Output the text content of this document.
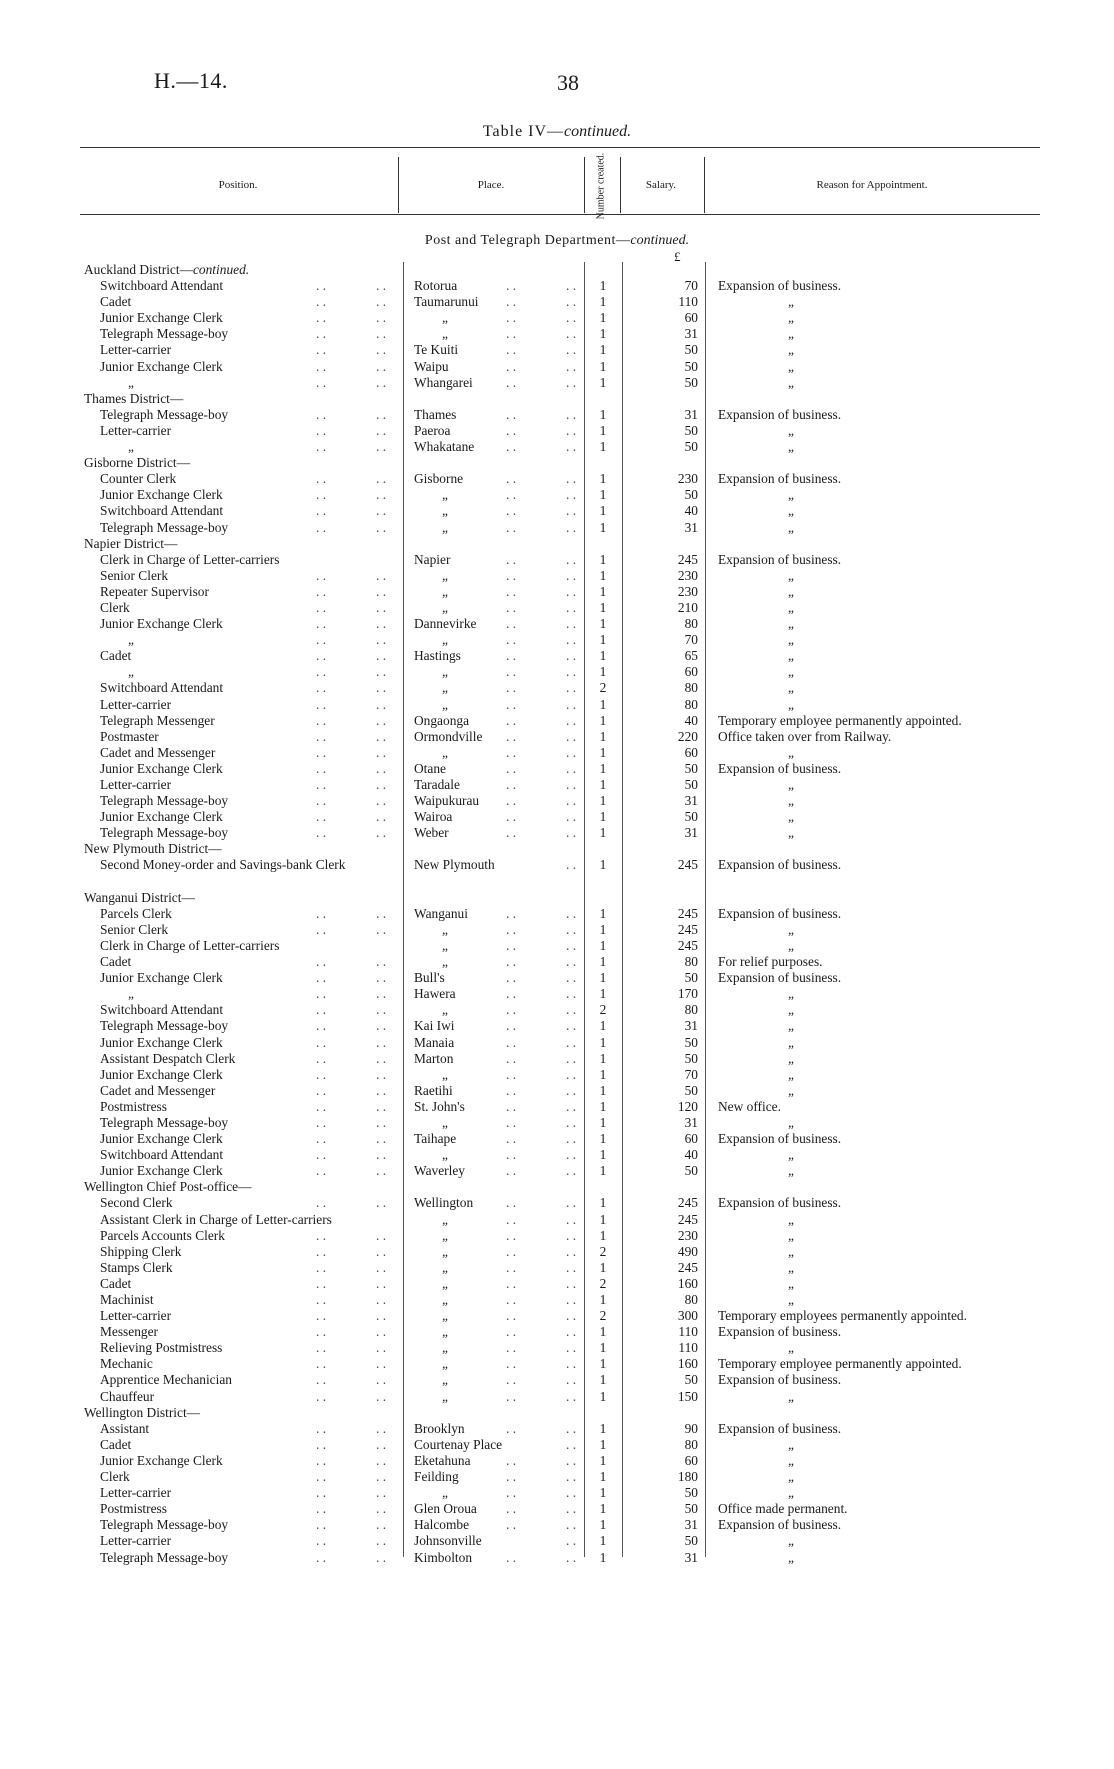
H.—14.	38
Table IV—continued.
Position.	Place.	Number created.	Salary.	Reason for Appointment.
Post and Telegraph Department—continued.
£
Auckland District—continued.
Switchboard Attendant	. .	. . Rotorua	. .	. .	1	70 Expansion of business.
Cadet	. .	. . Taumarunui	. .	. .	1	110	„
Junior Exchange Clerk	. .	. .	„	. .	. .	1	60	„
Telegraph Message-boy	. .	. .	„	. .	. .	1	31	„
Letter-carrier	. .	. . Te Kuiti	. .	. .	1	50	„
Junior Exchange Clerk	. .	. . Waipu	. .	. .	1	50	„
„	. .	. . Whangarei	. .	. .	1	50	„
Thames District—
Telegraph Message-boy	. .	. . Thames	. .	. .	1	31 Expansion of business.
Letter-carrier	. .	. . Paeroa	. .	. .	1	50	„
„	. .	. . Whakatane	. .	. .	1	50	„
Gisborne District—
Counter Clerk	. .	. . Gisborne	. .	. .	1	230 Expansion of business.
Junior Exchange Clerk	. .	. .	„	. .	. .	1	50	„
Switchboard Attendant	. .	. .	„	. .	. .	1	40	„
Telegraph Message-boy	. .	. .	„	. .	. .	1	31	„
Napier District—
Clerk in Charge of Letter-carriers	Napier	. .	. .	1	245 Expansion of business.
Senior Clerk	. .	. .	„	. .	. .	1	230	„
Repeater Supervisor	. .	. .	„	. .	. .	1	230	„
Clerk	. .	. .	„	. .	. .	1	210	„
Junior Exchange Clerk	. .	. . Dannevirke	. .	. .	1	80	„
„	. .	. .	„	. .	. .	1	70	„
Cadet	. .	. . Hastings	. .	. .	1	65	„
„	. .	. .	„	. .	. .	1	60	„
Switchboard Attendant	. .	. .	„	. .	. .	2	80	„
Letter-carrier	. .	. .	„	. .	. .	1	80	„
Telegraph Messenger	. .	. . Ongaonga	. .	. .	1	40 Temporary employee permanently appointed.
Postmaster	. .	. . Ormondville	. .	. .	1	220 Office taken over from Railway.
Cadet and Messenger	. .	. .	„	. .	. .	1	60	„
Junior Exchange Clerk	. .	. . Otane	. .	. .	1	50 Expansion of business.
Letter-carrier	. .	. . Taradale	. .	. .	1	50	„
Telegraph Message-boy	. .	. . Waipukurau	. .	. .	1	31	„
Junior Exchange Clerk	. .	. . Wairoa	. .	. .	1	50	„
Telegraph Message-boy	. .	. . Weber	. .	. .	1	31	„
New Plymouth District—
Second Money-order and Savings-bank Clerk	New Plymouth	. .	1	245 Expansion of business.
Wanganui District—
Parcels Clerk	. .	. . Wanganui	. .	. .	1	245 Expansion of business.
Senior Clerk	. .	. .	„	. .	. .	1	245	„
Clerk in Charge of Letter-carriers	„	. .	. .	1	245	„
Cadet	. .	. .	„	. .	. .	1	80 For relief purposes.
Junior Exchange Clerk	. .	. . Bull's	. .	. .	1	50 Expansion of business.
„	. .	. . Hawera	. .	. .	1	170	„
Switchboard Attendant	. .	. .	„	. .	. .	2	80	„
Telegraph Message-boy	. .	. . Kai Iwi	. .	. .	1	31	„
Junior Exchange Clerk	. .	. . Manaia	. .	. .	1	50	„
Assistant Despatch Clerk	. .	. . Marton	. .	. .	1	50	„
Junior Exchange Clerk	. .	. .	„	. .	. .	1	70	„
Cadet and Messenger	. .	. . Raetihi	. .	. .	1	50	„
Postmistress	. .	. . St. John's	. .	. .	1	120 New office.
Telegraph Message-boy	. .	. .	„	. .	. .	1	31	„
Junior Exchange Clerk	. .	. . Taihape	. .	. .	1	60 Expansion of business.
Switchboard Attendant	. .	. .	„	. .	. .	1	40	„
Junior Exchange Clerk	. .	. . Waverley	. .	. .	1	50	„
Wellington Chief Post-office—
Second Clerk	. .	. . Wellington	. .	. .	1	245 Expansion of business.
Assistant Clerk in Charge of Letter-carriers	„	. .	. .	1	245	„
Parcels Accounts Clerk	. .	. .	„	. .	. .	1	230	„
Shipping Clerk	. .	. .	„	. .	. .	2	490	„
Stamps Clerk	. .	. .	„	. .	. .	1	245	„
Cadet	. .	. .	„	. .	. .	2	160	„
Machinist	. .	. .	„	. .	. .	1	80	„
Letter-carrier	. .	. .	„	. .	. .	2	300 Temporary employees permanently appointed.
Messenger	. .	. .	„	. .	. .	1	110 Expansion of business.
Relieving Postmistress	. .	. .	„	. .	. .	1	110	„
Mechanic	. .	. .	„	. .	. .	1	160 Temporary employee permanently appointed.
Apprentice Mechanician	. .	. .	„	. .	. .	1	50 Expansion of business.
Chauffeur	. .	. .	„	. .	. .	1	150	„
Wellington District—
Assistant	. .	. . Brooklyn	. .	. .	1	90 Expansion of business.
Cadet	. .	. . Courtenay Place	. .	1	80	„
Junior Exchange Clerk	. .	. . Eketahuna	. .	. .	1	60	„
Clerk	. .	. . Feilding	. .	. .	1	180	„
Letter-carrier	. .	. .	„	. .	. .	1	50	„
Postmistress	. .	. . Glen Oroua	. .	. .	1	50 Office made permanent.
Telegraph Message-boy	. .	. . Halcombe	. .	. .	1	31 Expansion of business.
Letter-carrier	. .	. . Johnsonville	. .	1	50	„
Telegraph Message-boy	. .	. . Kimbolton	. .	. .	1	31	„
